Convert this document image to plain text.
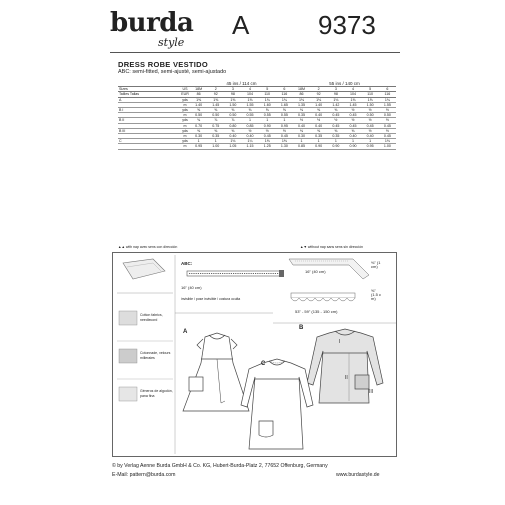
burda
style
A	9373
DRESS ROBE VESTIDO
ABC: semi-fitted, semi-ajusté, semi-ajustado
		45 ins / 114 cm						55 ins / 140 cm					
Sizes	US	18M	2	3	4	5	6	18M	2	3	4	5	6
Tailles Tallas	EUR	86	92	98	104	110	116	86	92	98	104	110	116
A	yds	1⅜	1⅝	1⅝	1⅝	1¾	1¾	1⅛	1⅛	1⅛	1⅝	1⅝	1¾
	m	1.40	1.45	1.50	1.55	1.60	1.65	1.35	1.40	1.42	1.45	1.50	1.55
B I	yds	⅝	⅝	⅝	⅝	⅝	⅝	⅜	⅜	⅜	½	½	½
	m	0.50	0.50	0.50	0.55	0.55	0.55	0.35	0.40	0.45	0.45	0.50	0.50
B II	yds	¾	⅞	⅞	1	1	1	½	½	½	½	½	½
	m	0.70	0.75	0.80	0.85	0.90	0.95	0.40	0.40	0.45	0.45	0.45	0.45
B III	yds	⅜	⅜	⅜	½	½	½	⅜	⅜	⅜	⅜	½	½
	m	0.30	0.35	0.40	0.40	0.45	0.45	0.30	0.35	0.35	0.40	0.40	0.45
C	yds	1	1	1⅛	1¼	1⅜	1⅜	1	1	1	1	1	1⅛
	m	0.95	1.00	1.05	1.15	1.25	1.30	0.85	0.90	0.90	0.90	0.95	1.00
▲▲ with nap avec sens con dirección	▲▼ without nap sans sens sin dirección
Cotton fabrics, needlecord
Cotonnade, velours milleraies
Géneros de algodón, pana fina
ABC:
16" (40 cm)
invisible / pose invisible / costura oculta
16" (40 cm)
⅜" (1 cm)
53" - 59" (135 - 150 cm)
⅝" (1.5 cm)
A
B
C
I
II
III
© by Verlag Aenne Burda GmbH & Co. KG, Hubert-Burda-Platz 2, 77652 Offenburg, Germany
E-Mail: pattern@burda.com	www.burdastyle.de
